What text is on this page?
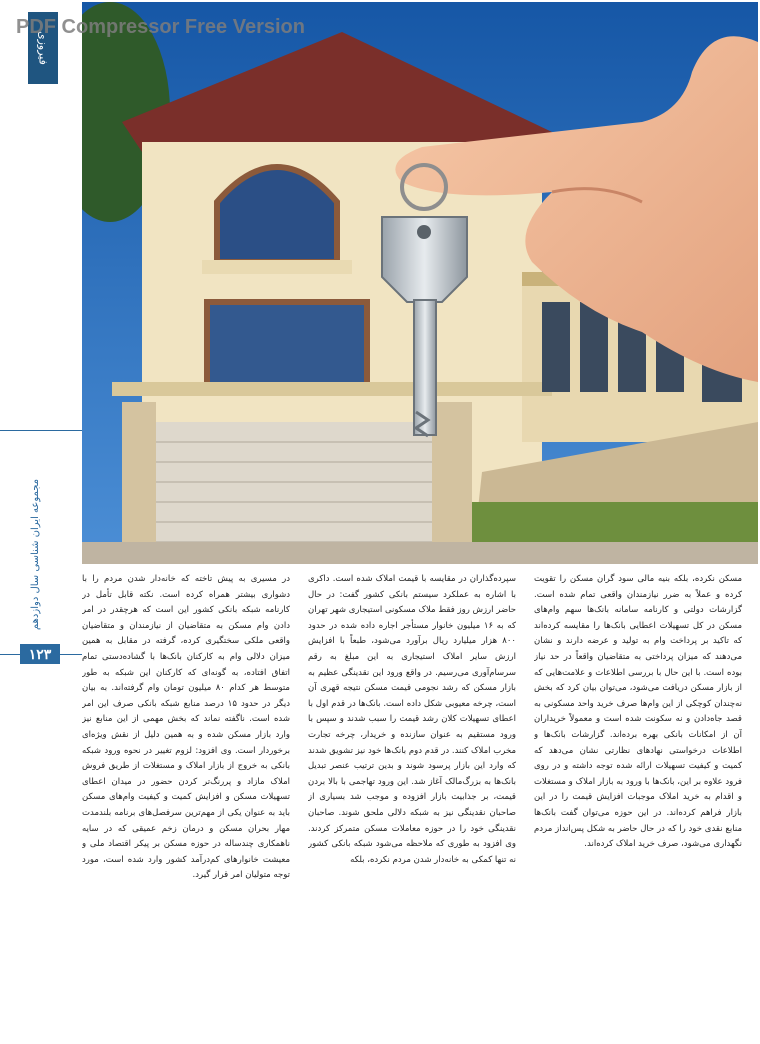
PDF Compressor Free Version
فیروزی
مجموعه ایران شناسی سال دوازدهم
۱۲۳
مسکن نکرده، بلکه بنیه مالی سود گران مسکن را تقویت کرده و عملاً به ضرر نیازمندان واقعی تمام شده است. گزارشات دولتی و کارنامه سامانه بانک‌ها سهم وام‌های مسکن در کل تسهیلات اعطایی بانک‌ها را مقایسه کرده‌اند که تاکید بر پرداخت وام به تولید و عرضه دارند و نشان می‌دهند که میزان پرداختی به متقاضیان واقعاً در حد نیاز بوده است. با این حال با بررسی اطلاعات و علامت‌هایی که از بازار مسکن دریافت می‌شود، می‌توان بیان کرد که بخش نه‌چندان کوچکی از این وام‌ها صرف خرید واحد مسکونی به قصد جاه‌دادن و نه سکونت شده است و معمولاً خریداران آن از امکانات بانکی بهره برده‌اند. گزارشات بانک‌ها و اطلاعات درخواستی نهادهای نظارتی نشان می‌دهد که کمیت و کیفیت تسهیلات ارائه شده توجه داشته و در روی فرود علاوه بر این، بانک‌ها با ورود به بازار املاک و مستغلات و اقدام به خرید املاک موجبات افزایش قیمت را در این بازار فراهم کرده‌اند. در این حوزه می‌توان گفت بانک‌ها منابع نقدی خود را که در حال حاضر به شکل پس‌انداز مردم نگهداری می‌شود، صرف خرید املاک کرده‌اند.
سپرده‌گذاران در مقایسه با قیمت املاک شده است. داکری با اشاره به عملکرد سیستم بانکی کشور گفت: در حال حاضر ارزش روز فقط ملاک مسکونی استیجاری شهر تهران که به ۱۶ میلیون خانوار مستأجر اجاره داده شده در حدود ۸۰۰ هزار میلیارد ریال برآورد می‌شود، طبعاً با افزایش ارزش سایر املاک استیجاری به این مبلغ به رقم سرسام‌آوری می‌رسیم. در واقع ورود این نقدینگی عظیم به بازار مسکن که رشد نجومی قیمت مسکن نتیجه قهری آن است، چرخه معیوبی شکل داده است. بانک‌ها در قدم اول با اعطای تسهیلات کلان رشد قیمت را سبب شدند و سپس با ورود مستقیم به عنوان سازنده و خریدار، چرخه تجارت مخرب املاک کنند. در قدم دوم بانک‌ها خود نیز تشویق شدند که وارد این بازار پرسود شوند و بدین ترتیب عنصر تبدیل بانک‌ها به بزرگ‌مالک آغاز شد. این ورود تهاجمی با بالا بردن قیمت، بر جذابیت بازار افزوده و موجب شد بسیاری از صاحبان نقدینگی نیز به شبکه دلالی ملحق شوند. صاحبان نقدینگی خود را در حوزه معاملات مسکن متمرکز کردند. وی افزود به طوری که ملاحظه می‌شود شبکه بانکی کشور نه تنها کمکی به خانه‌دار شدن مردم نکرده، بلکه
در مسیری به پیش تاخته که خانه‌دار شدن مردم را با دشواری بیشتر همراه کرده است. نکته قابل تأمل در کارنامه شبکه بانکی کشور این است که هرچقدر در امر دادن وام مسکن به متقاضیان از نیازمندان و متقاضیان واقعی ملکی سختگیری کرده، گرفته در مقابل به همین میزان دلالی وام به کارکنان بانک‌ها با گشاده‌دستی تمام اتفاق افتاده، به گونه‌ای که کارکنان این شبکه به طور متوسط هر کدام ۸۰ میلیون تومان وام گرفته‌اند. به بیان دیگر در حدود ۱۵ درصد منابع شبکه بانکی صرف این امر شده است. ناگفته نماند که بخش مهمی از این منابع نیز وارد بازار مسکن شده و به همین دلیل از نقش ویژه‌ای برخوردار است. وی افزود: لزوم تغییر در نحوه ورود شبکه بانکی به خروج از بازار املاک و مستغلات از طریق فروش املاک مازاد و پررنگ‌تر کردن حضور در میدان اعطای تسهیلات مسکن و افزایش کمیت و کیفیت وام‌های مسکن باید به عنوان یکی از مهم‌ترین سرفصل‌های برنامه بلندمدت مهار بحران مسکن و درمان زخم عمیقی که در سایه ناهمکاری چندساله در حوزه مسکن بر پیکر اقتصاد ملی و معیشت خانوارهای کم‌درآمد کشور وارد شده است، مورد توجه متولیان امر قرار گیرد.
